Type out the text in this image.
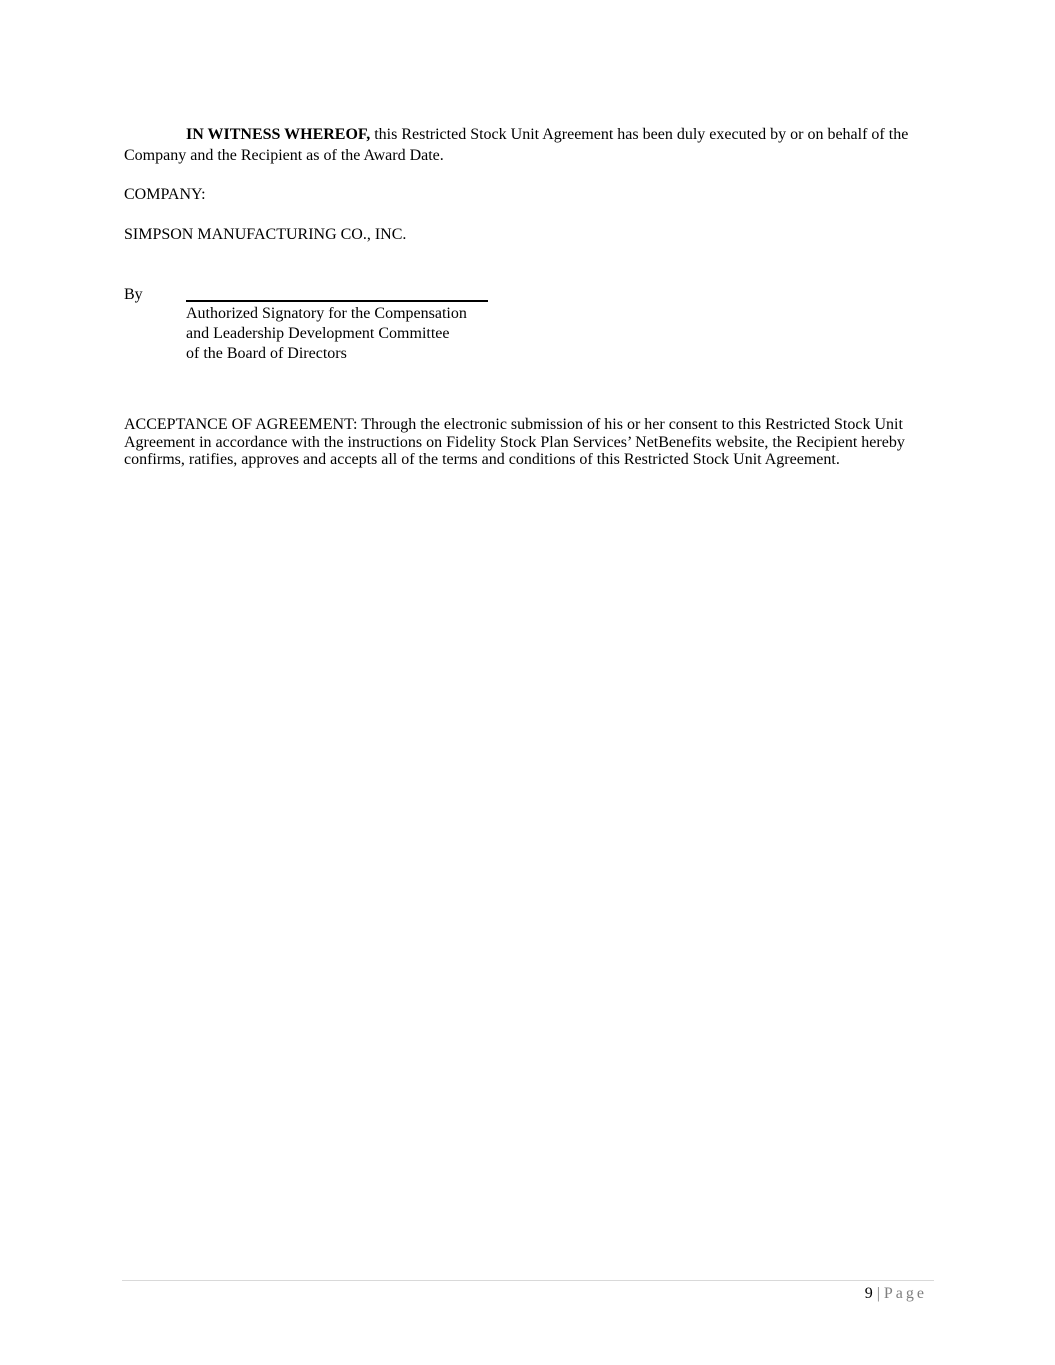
IN WITNESS WHEREOF, this Restricted Stock Unit Agreement has been duly executed by or on behalf of the Company and the Recipient as of the Award Date.
COMPANY:
SIMPSON MANUFACTURING CO., INC.
By
Authorized Signatory for the Compensation
and Leadership Development Committee
of the Board of Directors
ACCEPTANCE OF AGREEMENT: Through the electronic submission of his or her consent to this Restricted Stock Unit Agreement in accordance with the instructions on Fidelity Stock Plan Services’ NetBenefits website, the Recipient hereby confirms, ratifies, approves and accepts all of the terms and conditions of this Restricted Stock Unit Agreement.
9 | Page
